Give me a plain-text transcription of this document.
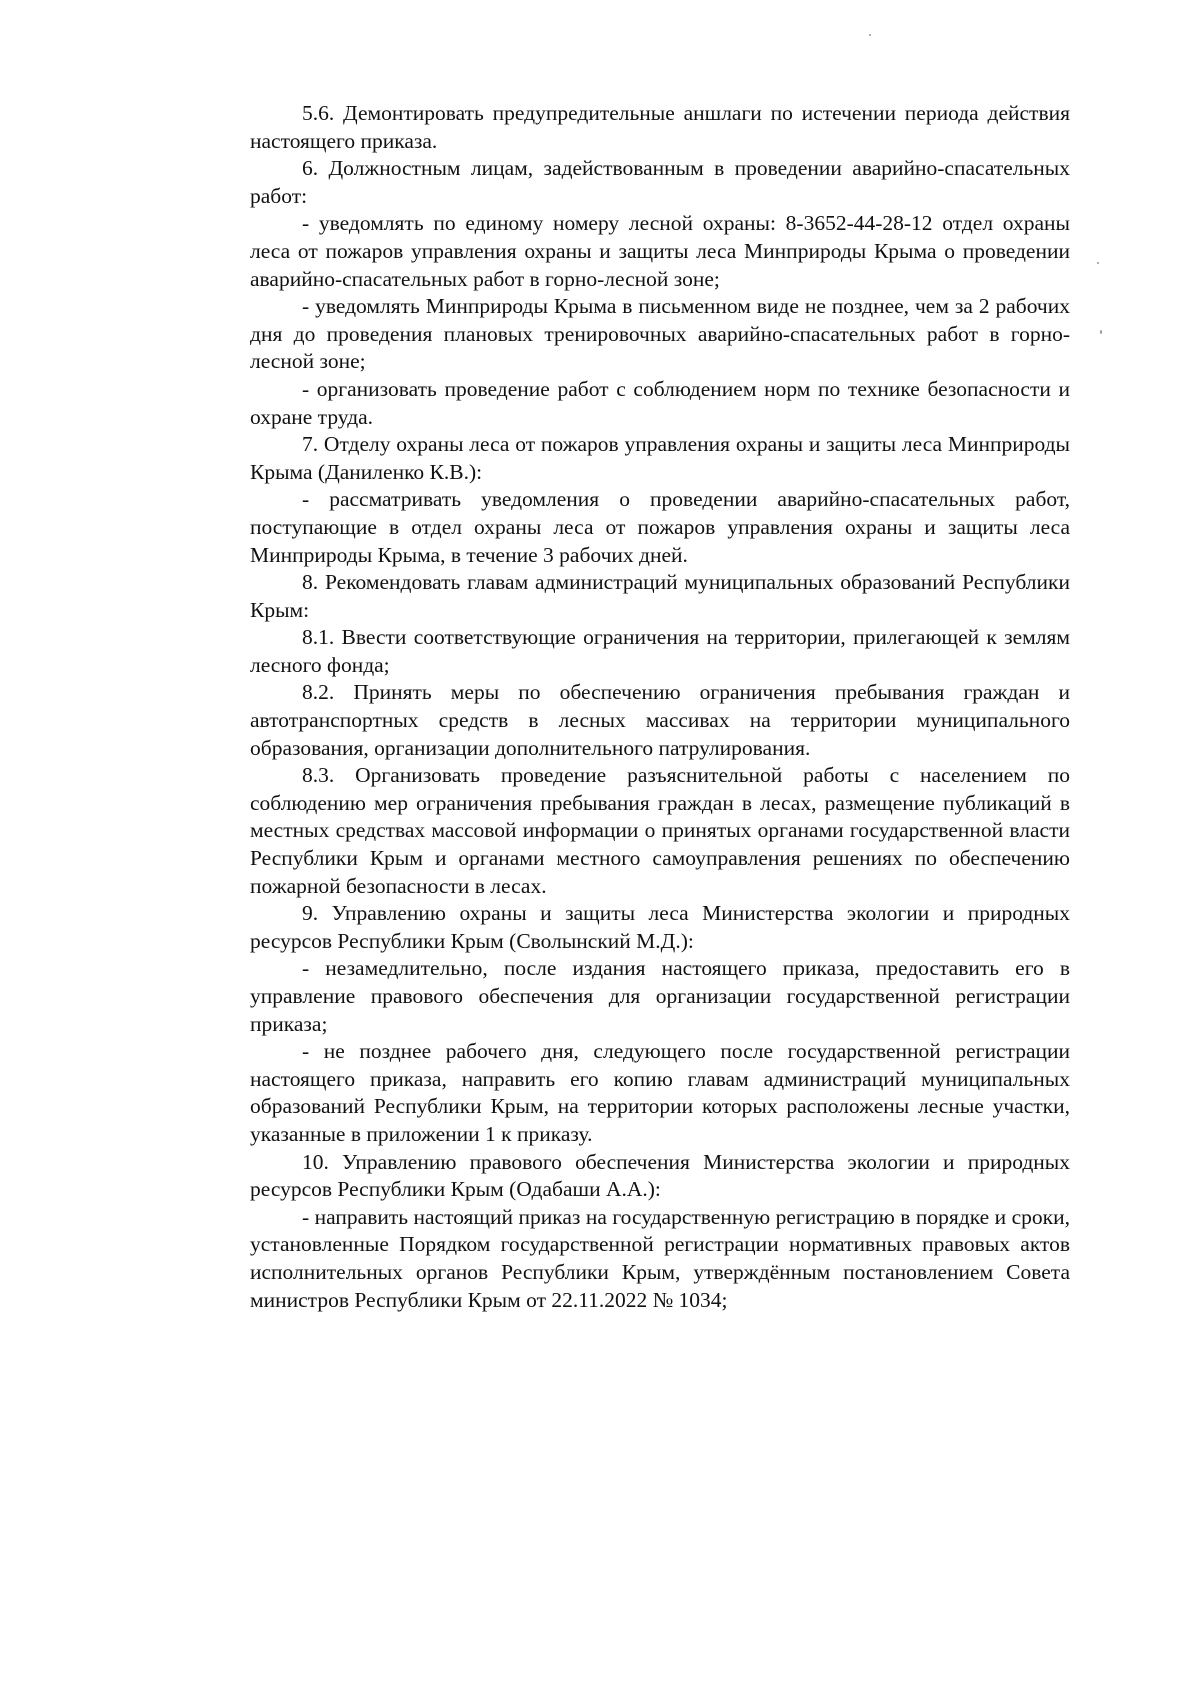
5.6. Демонтировать предупредительные аншлаги по истечении периода действия настоящего приказа.

6. Должностным лицам, задействованным в проведении аварийно-спасательных работ:

- уведомлять по единому номеру лесной охраны: 8-3652-44-28-12 отдел охраны леса от пожаров управления охраны и защиты леса Минприроды Крыма о проведении аварийно-спасательных работ в горно-лесной зоне;

- уведомлять Минприроды Крыма в письменном виде не позднее, чем за 2 рабочих дня до проведения плановых тренировочных аварийно-спасательных работ в горно-лесной зоне;

- организовать проведение работ с соблюдением норм по технике безопасности и охране труда.

7. Отделу охраны леса от пожаров управления охраны и защиты леса Минприроды Крыма (Даниленко К.В.):

- рассматривать уведомления о проведении аварийно-спасательных работ, поступающие в отдел охраны леса от пожаров управления охраны и защиты леса Минприроды Крыма, в течение 3 рабочих дней.

8. Рекомендовать главам администраций муниципальных образований Республики Крым:

8.1. Ввести соответствующие ограничения на территории, прилегающей к землям лесного фонда;

8.2. Принять меры по обеспечению ограничения пребывания граждан и автотранспортных средств в лесных массивах на территории муниципального образования, организации дополнительного патрулирования.

8.3. Организовать проведение разъяснительной работы с населением по соблюдению мер ограничения пребывания граждан в лесах, размещение публикаций в местных средствах массовой информации о принятых органами государственной власти Республики Крым и органами местного самоуправления решениях по обеспечению пожарной безопасности в лесах.

9. Управлению охраны и защиты леса Министерства экологии и природных ресурсов Республики Крым (Сволынский М.Д.):

- незамедлительно, после издания настоящего приказа, предоставить его в управление правового обеспечения для организации государственной регистрации приказа;

- не позднее рабочего дня, следующего после государственной регистрации настоящего приказа, направить его копию главам администраций муниципальных образований Республики Крым, на территории которых расположены лесные участки, указанные в приложении 1 к приказу.

10. Управлению правового обеспечения Министерства экологии и природных ресурсов Республики Крым (Одабаши А.А.):

- направить настоящий приказ на государственную регистрацию в порядке и сроки, установленные Порядком государственной регистрации нормативных правовых актов исполнительных органов Республики Крым, утверждённым постановлением Совета министров Республики Крым от 22.11.2022 № 1034;
